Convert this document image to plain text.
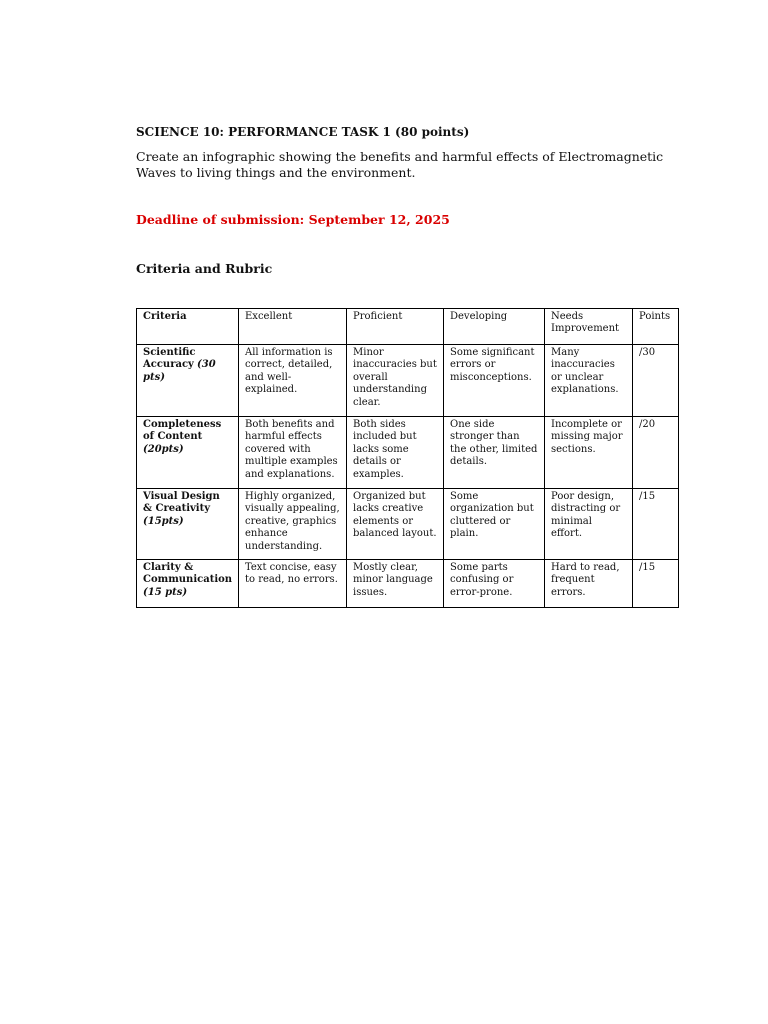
SCIENCE 10: PERFORMANCE TASK 1 (80 points)
Create an infographic showing the benefits and harmful effects of Electromagnetic Waves to living things and the environment.
Deadline of submission: September 12, 2025
Criteria and Rubric
Criteria	Excellent	Proficient	Developing	Needs Improvement	Points
Scientific Accuracy (30 pts)	All information is correct, detailed, and well-explained.	Minor inaccuracies but overall understanding clear.	Some significant errors or misconceptions.	Many inaccuracies or unclear explanations.	/30
Completeness of Content (20pts)	Both benefits and harmful effects covered with multiple examples and explanations.	Both sides included but lacks some details or examples.	One side stronger than the other, limited details.	Incomplete or missing major sections.	/20
Visual Design & Creativity (15pts)	Highly organized, visually appealing, creative, graphics enhance understanding.	Organized but lacks creative elements or balanced layout.	Some organization but cluttered or plain.	Poor design, distracting or minimal effort.	/15
Clarity & Communication (15 pts)	Text concise, easy to read, no errors.	Mostly clear, minor language issues.	Some parts confusing or error-prone.	Hard to read, frequent errors.	/15
